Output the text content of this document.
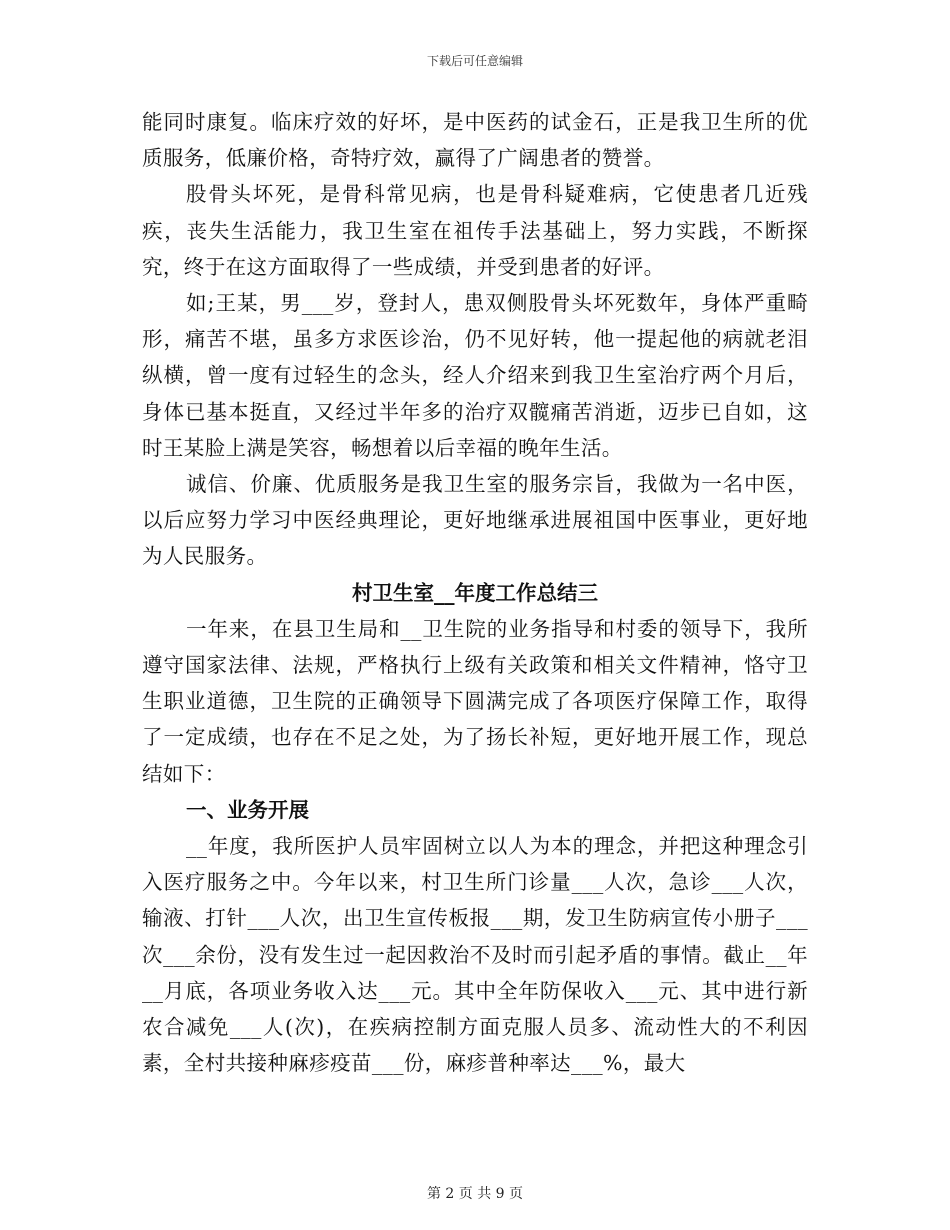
下载后可任意编辑

能同时康复。临床疗效的好坏，是中医药的试金石，正是我卫生所的优质服务，低廉价格，奇特疗效，赢得了广阔患者的赞誉。

股骨头坏死，是骨科常见病，也是骨科疑难病，它使患者几近残疾，丧失生活能力，我卫生室在祖传手法基础上，努力实践，不断探究，终于在这方面取得了一些成绩，并受到患者的好评。

如;王某，男___岁，登封人，患双侧股骨头坏死数年，身体严重畸形，痛苦不堪，虽多方求医诊治，仍不见好转，他一提起他的病就老泪纵横，曾一度有过轻生的念头，经人介绍来到我卫生室治疗两个月后，身体已基本挺直，又经过半年多的治疗双髋痛苦消逝，迈步已自如，这时王某脸上满是笑容，畅想着以后幸福的晚年生活。

诚信、价廉、优质服务是我卫生室的服务宗旨，我做为一名中医，以后应努力学习中医经典理论，更好地继承进展祖国中医事业，更好地为人民服务。

村卫生室__年度工作总结三

一年来，在县卫生局和__卫生院的业务指导和村委的领导下，我所遵守国家法律、法规，严格执行上级有关政策和相关文件精神，恪守卫生职业道德，卫生院的正确领导下圆满完成了各项医疗保障工作，取得了一定成绩，也存在不足之处，为了扬长补短，更好地开展工作，现总结如下：

一、业务开展

__年度，我所医护人员牢固树立以人为本的理念，并把这种理念引入医疗服务之中。今年以来，村卫生所门诊量___人次，急诊___人次，输液、打针___人次，出卫生宣传板报___期，发卫生防病宣传小册子___次___余份，没有发生过一起因救治不及时而引起矛盾的事情。截止__年__月底，各项业务收入达___元。其中全年防保收入___元、其中进行新农合减免___人(次)，在疾病控制方面克服人员多、流动性大的不利因素，全村共接种麻疹疫苗___份，麻疹普种率达___%，最大

第 2 页 共 9 页
